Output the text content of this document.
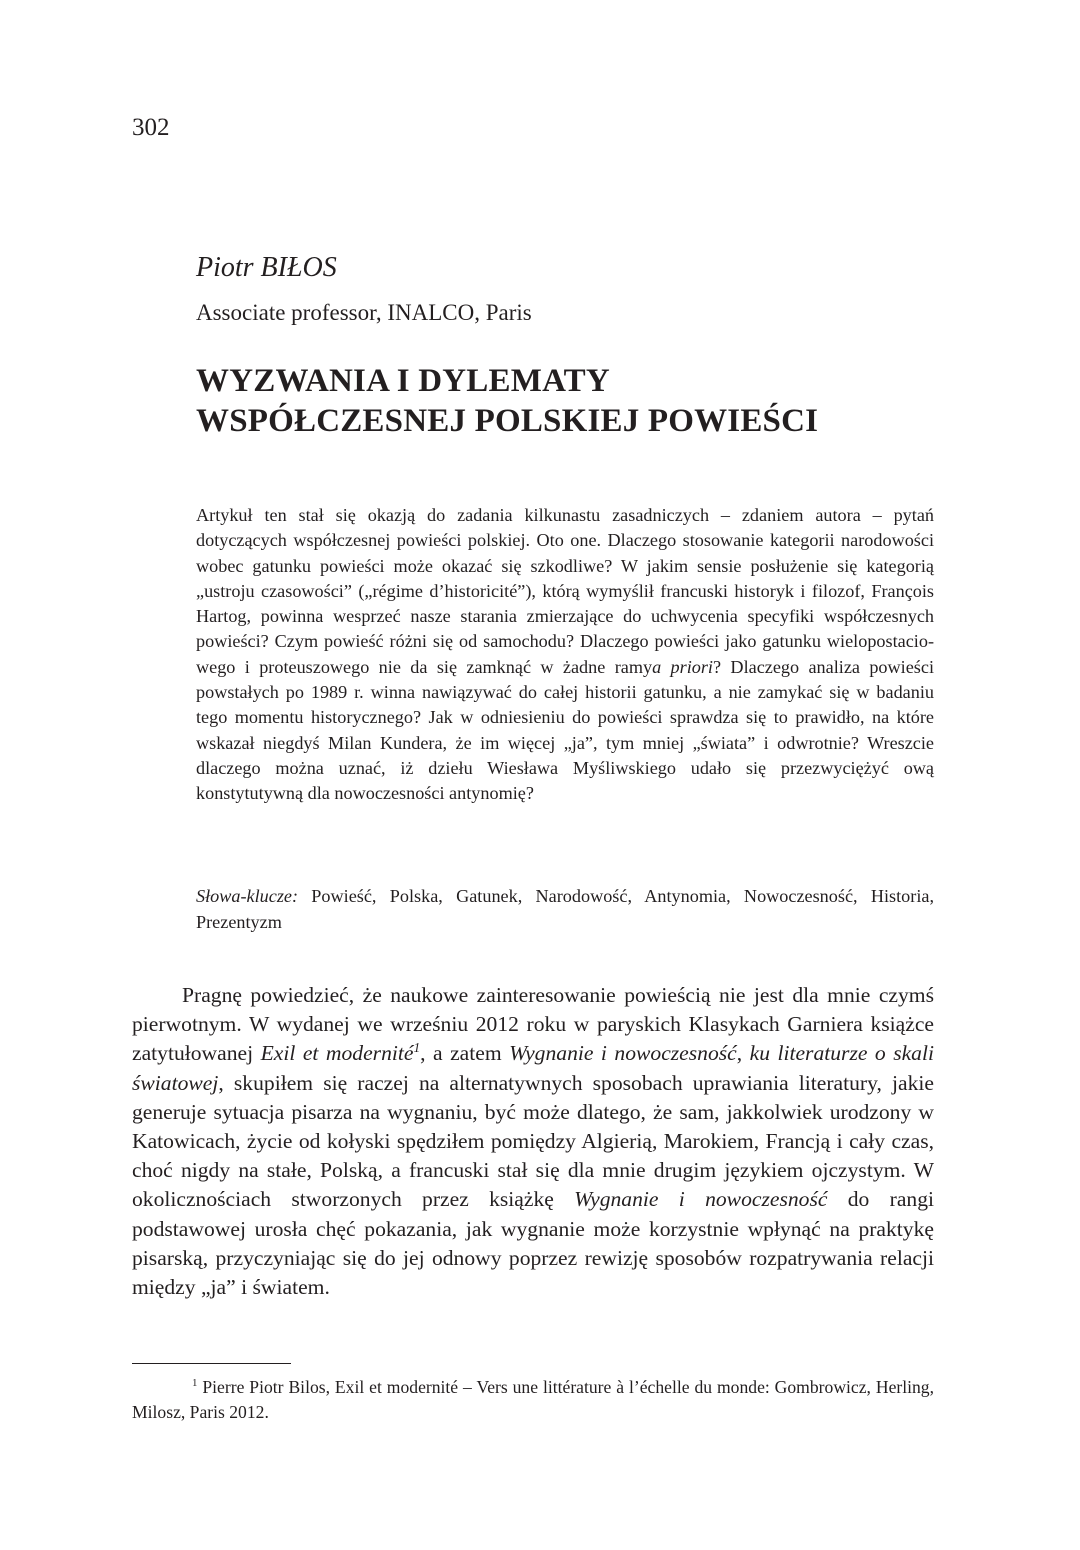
302
Piotr BIŁOS
Associate professor, INALCO, Paris
WYZWANIA I DYLEMATY
WSPÓŁCZESNEJ POLSKIEJ POWIEŚCI

Artykuł ten stał się okazją do zadania kilkunastu zasadniczych – zdaniem autora – pytań dotyczących współczesnej powieści polskiej. Oto one. Dlaczego stosowanie kategorii narodowości wobec gatunku powieści może okazać się szkodliwe? W jakim sensie posłużenie się kategorią „ustroju czasowości” („régime d’historicité”), którą wymyślił francuski historyk i filozof, François Hartog, powinna wesprzeć nasze starania zmierzające do uchwycenia specyfiki współczesnych powieści? Czym powieść różni się od samochodu? Dlaczego powieści jako gatunku wielopostaciowego i proteuszowego nie da się zamknąć w żadne ramya priori? Dlaczego analiza powieści powstałych po 1989 r. winna nawiązywać do całej historii gatunku, a nie zamykać się w badaniu tego momentu historycznego? Jak w odniesieniu do powieści sprawdza się to prawidło, na które wskazał niegdyś Milan Kundera, że im więcej „ja”, tym mniej „świata” i odwrotnie? Wreszcie dlaczego można uznać, iż dziełu Wiesława Myśliwskiego udało się przezwyciężyć ową konstytutywną dla nowoczesności antynomię?

Słowa-klucze: Powieść, Polska, Gatunek, Narodowość, Antynomia, Nowoczesność, Historia, Prezentyzm

Pragnę powiedzieć, że naukowe zainteresowanie powieścią nie jest dla mnie czymś pierwotnym. W wydanej we wrześniu 2012 roku w paryskich Klasykach Garniera książce zatytułowanej Exil et modernité$^1$, a zatem Wygnanie i nowoczesność, ku literaturze o skali światowej, skupiłem się raczej na alternatywnych sposobach uprawiania literatury, jakie generuje sytuacja pisarza na wygnaniu, być może dlatego, że sam, jakkolwiek urodzony w Katowicach, życie od kołyski spędziłem pomiędzy Algierią, Marokiem, Francją i cały czas, choć nigdy na stałe, Polską, a francuski stał się dla mnie drugim językiem ojczystym. W okolicznościach stworzonych przez książkę Wygnanie i nowoczesność do rangi podstawowej urosła chęć pokazania, jak wygnanie może korzystnie wpłynąć na praktykę pisarską, przyczyniając się do jej odnowy poprzez rewizję sposobów rozpatrywania relacji między „ja” i światem.

$^1$ Pierre Piotr Bilos, Exil et modernité – Vers une littérature à l’échelle du monde: Gombrowicz, Herling, Milosz, Paris 2012.
